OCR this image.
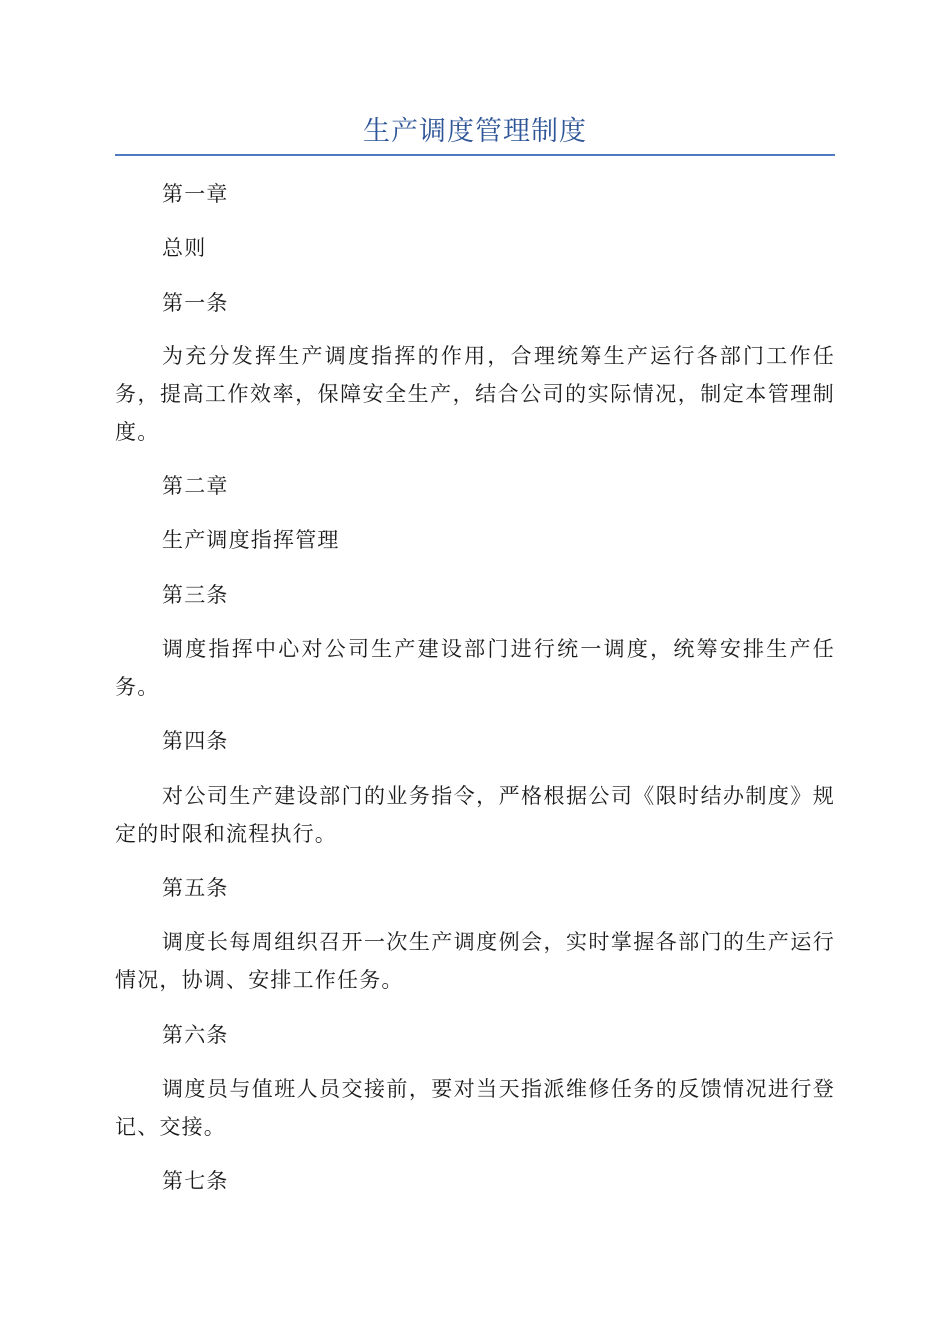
生产调度管理制度

第一章

总则

第一条

为充分发挥生产调度指挥的作用，合理统筹生产运行各部门工作任务，提高工作效率，保障安全生产，结合公司的实际情况，制定本管理制度。

第二章

生产调度指挥管理

第三条

调度指挥中心对公司生产建设部门进行统一调度，统筹安排生产任务。

第四条

对公司生产建设部门的业务指令，严格根据公司《限时结办制度》规定的时限和流程执行。

第五条

调度长每周组织召开一次生产调度例会，实时掌握各部门的生产运行情况，协调、安排工作任务。

第六条

调度员与值班人员交接前，要对当天指派维修任务的反馈情况进行登记、交接。

第七条
